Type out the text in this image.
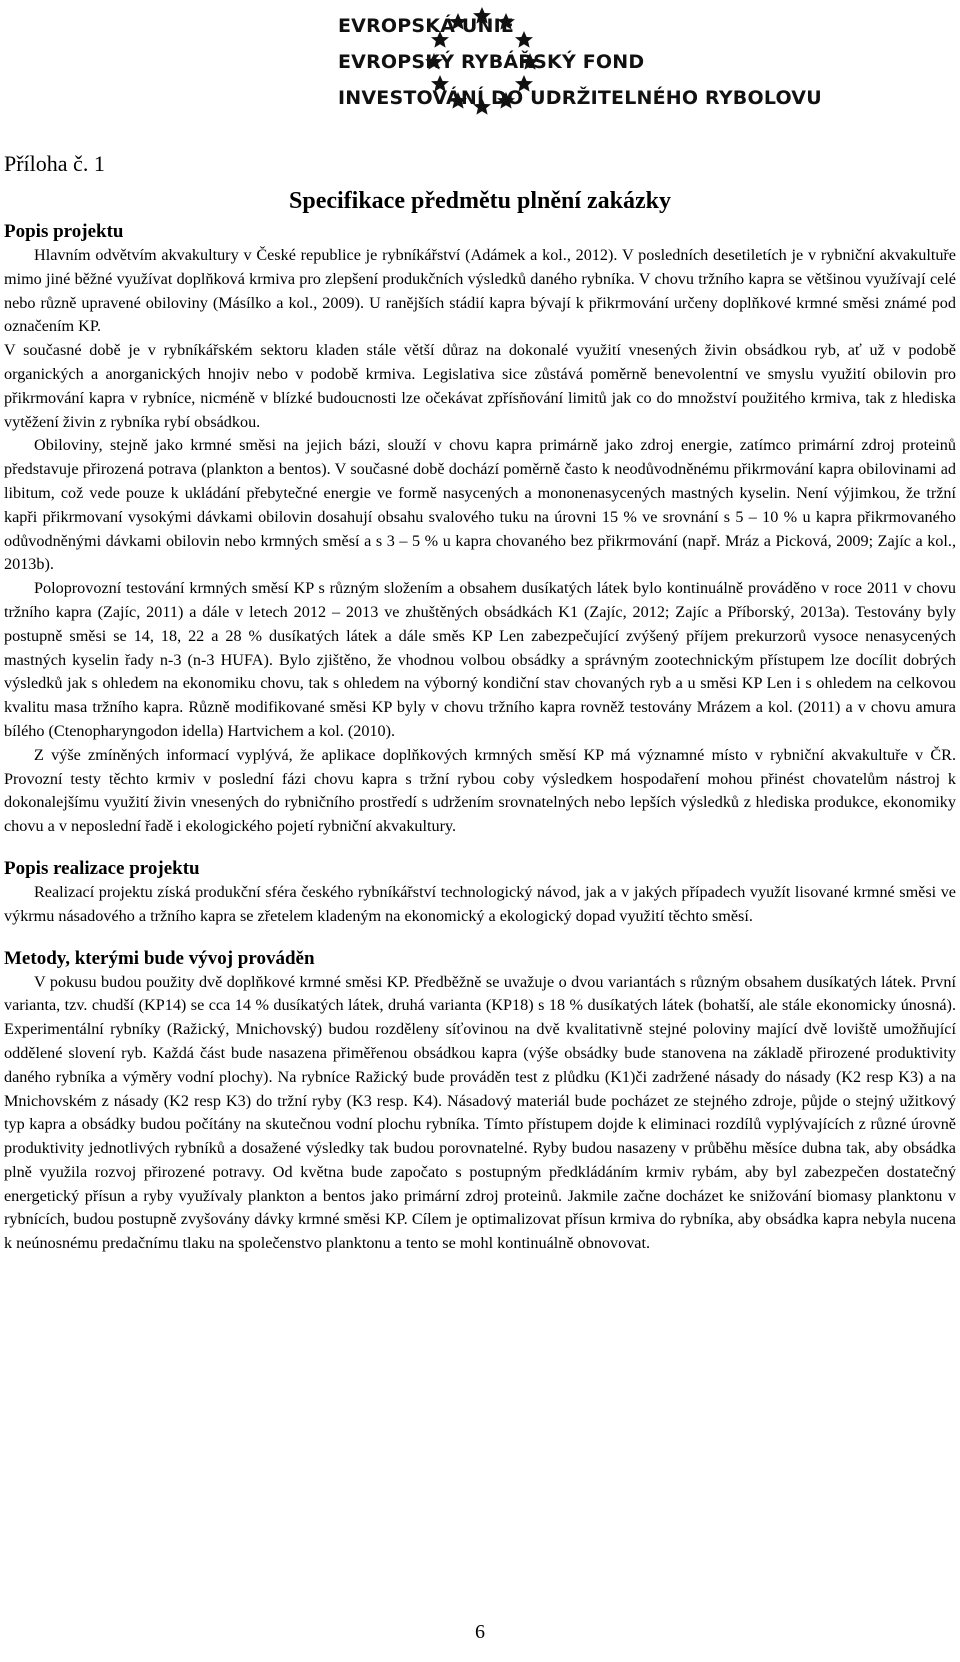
EVROPSKÁ UNIE
EVROPSKÝ RYBÁŘSKÝ FOND
INVESTOVÁNÍ DO UDRŽITELNÉHO RYBOLOVU
Příloha č. 1
Specifikace předmětu plnění zakázky
Popis projektu

Hlavním odvětvím akvakultury v České republice je rybníkářství (Adámek a kol., 2012). V posledních desetiletích je v rybniční akvakultuře mimo jiné běžné využívat doplňková krmiva pro zlepšení produkčních výsledků daného rybníka. V chovu tržního kapra se většinou využívají celé nebo různě upravené obiloviny (Másílko a kol., 2009). U ranějších stádií kapra bývají k přikrmování určeny doplňkové krmné směsi známé pod označením KP.

V současné době je v rybníkářském sektoru kladen stále větší důraz na dokonalé využití vnesených živin obsádkou ryb, ať už v podobě organických a anorganických hnojiv nebo v podobě krmiva. Legislativa sice zůstává poměrně benevolentní ve smyslu využití obilovin pro přikrmování kapra v rybníce, nicméně v blízké budoucnosti lze očekávat zpřísňování limitů jak co do množství použitého krmiva, tak z hlediska vytěžení živin z rybníka rybí obsádkou.

Obiloviny, stejně jako krmné směsi na jejich bázi, slouží v chovu kapra primárně jako zdroj energie, zatímco primární zdroj proteinů představuje přirozená potrava (plankton a bentos). V současné době dochází poměrně často k neodůvodněnému přikrmování kapra obilovinami ad libitum, což vede pouze k ukládání přebytečné energie ve formě nasycených a mononenasycených mastných kyselin. Není výjimkou, že tržní kapři přikrmovaní vysokými dávkami obilovin dosahují obsahu svalového tuku na úrovni 15 % ve srovnání s 5 – 10 % u kapra přikrmovaného odůvodněnými dávkami obilovin nebo krmných směsí a s 3 – 5 % u kapra chovaného bez přikrmování (např. Mráz a Picková, 2009; Zajíc a kol., 2013b).

Poloprovozní testování krmných směsí KP s různým složením a obsahem dusíkatých látek bylo kontinuálně prováděno v roce 2011 v chovu tržního kapra (Zajíc, 2011) a dále v letech 2012 – 2013 ve zhuštěných obsádkách K1 (Zajíc, 2012; Zajíc a Příborský, 2013a). Testovány byly postupně směsi se 14, 18, 22 a 28 % dusíkatých látek a dále směs KP Len zabezpečující zvýšený příjem prekurzorů vysoce nenasycených mastných kyselin řady n-3 (n-3 HUFA). Bylo zjištěno, že vhodnou volbou obsádky a správným zootechnickým přístupem lze docílit dobrých výsledků jak s ohledem na ekonomiku chovu, tak s ohledem na výborný kondiční stav chovaných ryb a u směsi KP Len i s ohledem na celkovou kvalitu masa tržního kapra. Různě modifikované směsi KP byly v chovu tržního kapra rovněž testovány Mrázem a kol. (2011) a v chovu amura bílého (Ctenopharyngodon idella) Hartvichem a kol. (2010).

Z výše zmíněných informací vyplývá, že aplikace doplňkových krmných směsí KP má významné místo v rybniční akvakultuře v ČR. Provozní testy těchto krmiv v poslední fázi chovu kapra s tržní rybou coby výsledkem hospodaření mohou přinést chovatelům nástroj k dokonalejšímu využití živin vnesených do rybničního prostředí s udržením srovnatelných nebo lepších výsledků z hlediska produkce, ekonomiky chovu a v neposlední řadě i ekologického pojetí rybniční akvakultury.

Popis realizace projektu

Realizací projektu získá produkční sféra českého rybníkářství technologický návod, jak a v jakých případech využít lisované krmné směsi ve výkrmu násadového a tržního kapra se zřetelem kladeným na ekonomický a ekologický dopad využití těchto směsí.

Metody, kterými bude vývoj prováděn

V pokusu budou použity dvě doplňkové krmné směsi KP. Předběžně se uvažuje o dvou variantách s různým obsahem dusíkatých látek. První varianta, tzv. chudší (KP14) se cca 14 % dusíkatých látek, druhá varianta (KP18) s 18 % dusíkatých látek (bohatší, ale stále ekonomicky únosná). Experimentální rybníky (Ražický, Mnichovský) budou rozděleny síťovinou na dvě kvalitativně stejné poloviny mající dvě loviště umožňující oddělené slovení ryb. Každá část bude nasazena přiměřenou obsádkou kapra (výše obsádky bude stanovena na základě přirozené produktivity daného rybníka a výměry vodní plochy). Na rybníce Ražický bude prováděn test z plůdku (K1)či zadržené násady do násady (K2 resp K3) a na Mnichovském z násady (K2 resp K3) do tržní ryby (K3 resp. K4). Násadový materiál bude pocházet ze stejného zdroje, půjde o stejný užitkový typ kapra a obsádky budou počítány na skutečnou vodní plochu rybníka. Tímto přístupem dojde k eliminaci rozdílů vyplývajících z různé úrovně produktivity jednotlivých rybníků a dosažené výsledky tak budou porovnatelné. Ryby budou nasazeny v průběhu měsíce dubna tak, aby obsádka plně využila rozvoj přirozené potravy. Od května bude započato s postupným předkládáním krmiv rybám, aby byl zabezpečen dostatečný energetický přísun a ryby využívaly plankton a bentos jako primární zdroj proteinů. Jakmile začne docházet ke snižování biomasy planktonu v rybnících, budou postupně zvyšovány dávky krmné směsi KP. Cílem je optimalizovat přísun krmiva do rybníka, aby obsádka kapra nebyla nucena k neúnosnému predačnímu tlaku na společenstvo planktonu a tento se mohl kontinuálně obnovovat.

6
